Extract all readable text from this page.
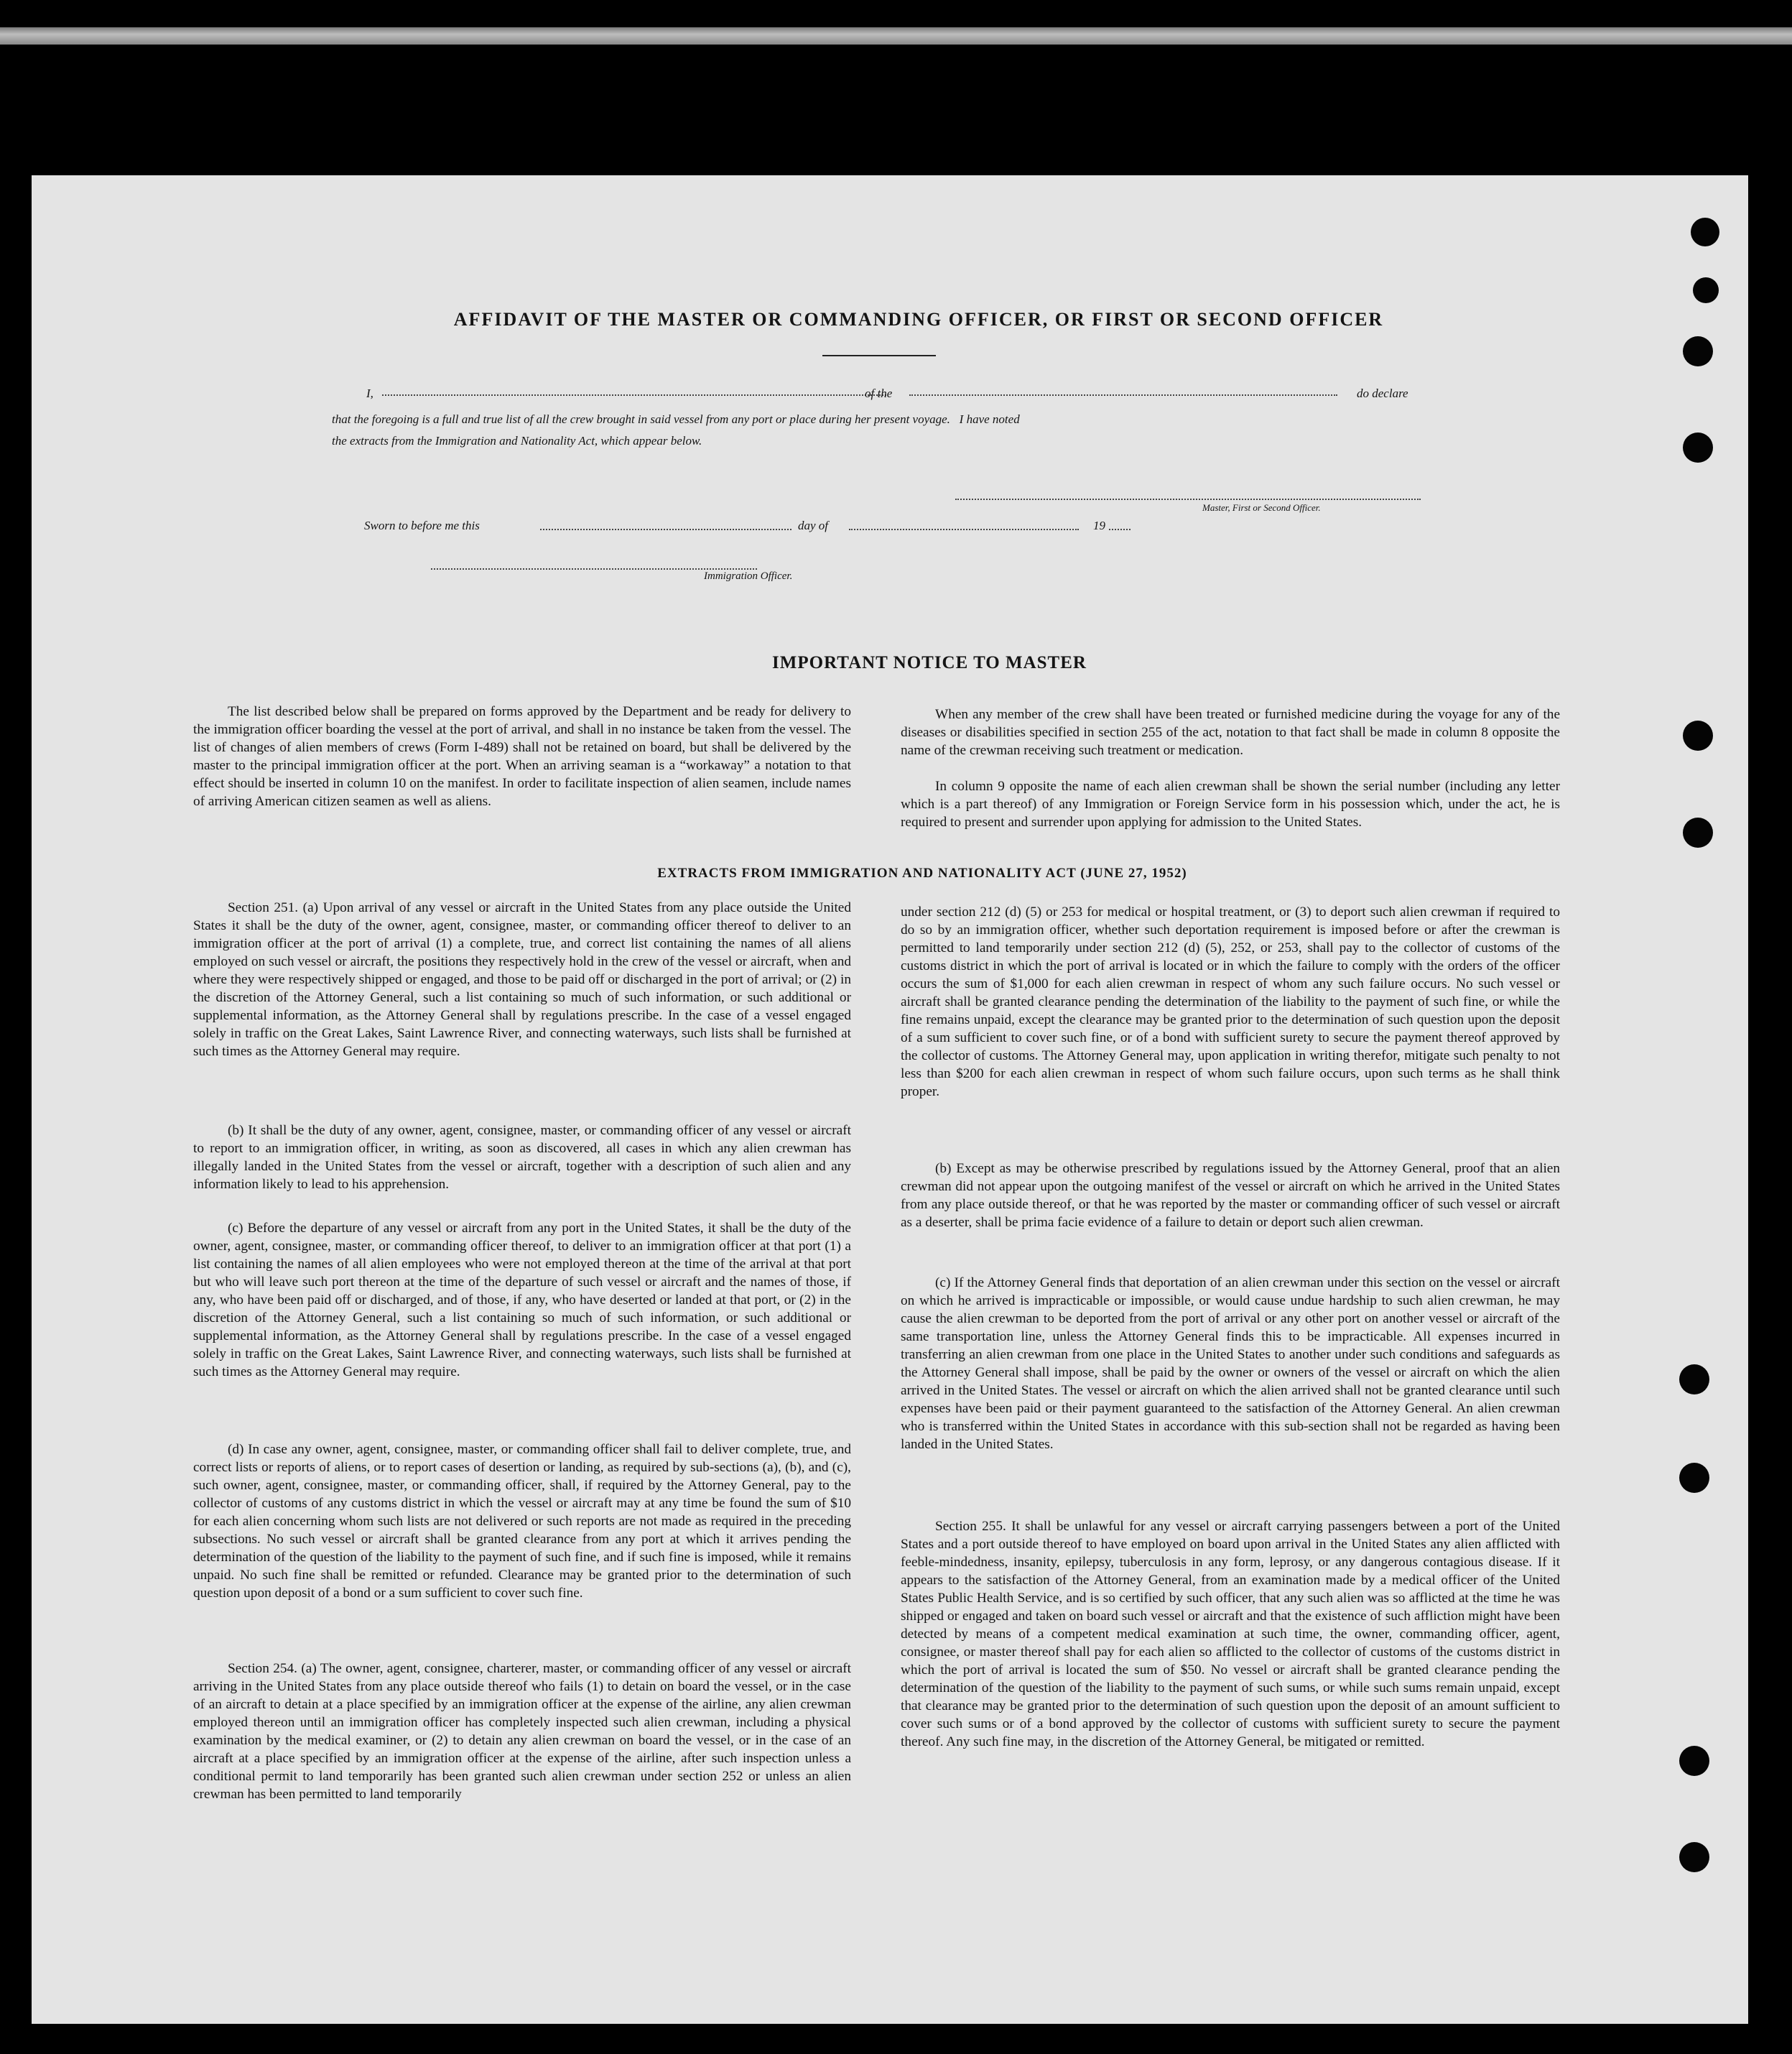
AFFIDAVIT OF THE MASTER OR COMMANDING OFFICER, OR FIRST OR SECOND OFFICER
I,	of the	do declare
that the foregoing is a full and true list of all the crew brought in said vessel from any port or place during her present voyage.   I have noted
the extracts from the Immigration and Nationality Act, which appear below.
Master, First or Second Officer.
Sworn to before me this	day of	19
Immigration Officer.
IMPORTANT NOTICE TO MASTER

The list described below shall be prepared on forms approved by the Department and be ready for delivery to the immigration officer boarding the vessel at the port of arrival, and shall in no instance be taken from the vessel. The list of changes of alien members of crews (Form I-489) shall not be retained on board, but shall be delivered by the master to the principal immigration officer at the port. When an arriving seaman is a “workaway” a notation to that effect should be inserted in column 10 on the manifest. In order to facilitate inspection of alien seamen, include names of arriving American citizen seamen as well as aliens.

When any member of the crew shall have been treated or furnished medicine during the voyage for any of the diseases or disabilities specified in section 255 of the act, notation to that fact shall be made in column 8 opposite the name of the crewman receiving such treatment or medication.

In column 9 opposite the name of each alien crewman shall be shown the serial number (including any letter which is a part thereof) of any Immigration or Foreign Service form in his possession which, under the act, he is required to present and surrender upon applying for admission to the United States.

EXTRACTS FROM IMMIGRATION AND NATIONALITY ACT (JUNE 27, 1952)

Section 251. (a) Upon arrival of any vessel or aircraft in the United States from any place outside the United States it shall be the duty of the owner, agent, consignee, master, or commanding officer thereof to deliver to an immigration officer at the port of arrival (1) a complete, true, and correct list containing the names of all aliens employed on such vessel or aircraft, the positions they respectively hold in the crew of the vessel or aircraft, when and where they were respectively shipped or engaged, and those to be paid off or discharged in the port of arrival; or (2) in the discretion of the Attorney General, such a list containing so much of such information, or such additional or supplemental information, as the Attorney General shall by regulations prescribe. In the case of a vessel engaged solely in traffic on the Great Lakes, Saint Lawrence River, and connecting waterways, such lists shall be furnished at such times as the Attorney General may require.

(b) It shall be the duty of any owner, agent, consignee, master, or commanding officer of any vessel or aircraft to report to an immigration officer, in writing, as soon as discovered, all cases in which any alien crewman has illegally landed in the United States from the vessel or aircraft, together with a description of such alien and any information likely to lead to his apprehension.

(c) Before the departure of any vessel or aircraft from any port in the United States, it shall be the duty of the owner, agent, consignee, master, or commanding officer thereof, to deliver to an immigration officer at that port (1) a list containing the names of all alien employees who were not employed thereon at the time of the arrival at that port but who will leave such port thereon at the time of the departure of such vessel or aircraft and the names of those, if any, who have been paid off or discharged, and of those, if any, who have deserted or landed at that port, or (2) in the discretion of the Attorney General, such a list containing so much of such information, or such additional or supplemental information, as the Attorney General shall by regulations prescribe. In the case of a vessel engaged solely in traffic on the Great Lakes, Saint Lawrence River, and connecting waterways, such lists shall be furnished at such times as the Attorney General may require.

(d) In case any owner, agent, consignee, master, or commanding officer shall fail to deliver complete, true, and correct lists or reports of aliens, or to report cases of desertion or landing, as required by sub-sections (a), (b), and (c), such owner, agent, consignee, master, or commanding officer, shall, if required by the Attorney General, pay to the collector of customs of any customs district in which the vessel or aircraft may at any time be found the sum of $10 for each alien concerning whom such lists are not delivered or such reports are not made as required in the preceding subsections. No such vessel or aircraft shall be granted clearance from any port at which it arrives pending the determination of the question of the liability to the payment of such fine, and if such fine is imposed, while it remains unpaid. No such fine shall be remitted or refunded. Clearance may be granted prior to the determination of such question upon deposit of a bond or a sum sufficient to cover such fine.

Section 254. (a) The owner, agent, consignee, charterer, master, or commanding officer of any vessel or aircraft arriving in the United States from any place outside thereof who fails (1) to detain on board the vessel, or in the case of an aircraft to detain at a place specified by an immigration officer at the expense of the airline, any alien crewman employed thereon until an immigration officer has completely inspected such alien crewman, including a physical examination by the medical examiner, or (2) to detain any alien crewman on board the vessel, or in the case of an aircraft at a place specified by an immigration officer at the expense of the airline, after such inspection unless a conditional permit to land temporarily has been granted such alien crewman under section 252 or unless an alien crewman has been permitted to land temporarily

under section 212 (d) (5) or 253 for medical or hospital treatment, or (3) to deport such alien crewman if required to do so by an immigration officer, whether such deportation requirement is imposed before or after the crewman is permitted to land temporarily under section 212 (d) (5), 252, or 253, shall pay to the collector of customs of the customs district in which the port of arrival is located or in which the failure to comply with the orders of the officer occurs the sum of $1,000 for each alien crewman in respect of whom any such failure occurs. No such vessel or aircraft shall be granted clearance pending the determination of the liability to the payment of such fine, or while the fine remains unpaid, except the clearance may be granted prior to the determination of such question upon the deposit of a sum sufficient to cover such fine, or of a bond with sufficient surety to secure the payment thereof approved by the collector of customs. The Attorney General may, upon application in writing therefor, mitigate such penalty to not less than $200 for each alien crewman in respect of whom such failure occurs, upon such terms as he shall think proper.

(b) Except as may be otherwise prescribed by regulations issued by the Attorney General, proof that an alien crewman did not appear upon the outgoing manifest of the vessel or aircraft on which he arrived in the United States from any place outside thereof, or that he was reported by the master or commanding officer of such vessel or aircraft as a deserter, shall be prima facie evidence of a failure to detain or deport such alien crewman.

(c) If the Attorney General finds that deportation of an alien crewman under this section on the vessel or aircraft on which he arrived is impracticable or impossible, or would cause undue hardship to such alien crewman, he may cause the alien crewman to be deported from the port of arrival or any other port on another vessel or aircraft of the same transportation line, unless the Attorney General finds this to be impracticable. All expenses incurred in transferring an alien crewman from one place in the United States to another under such conditions and safeguards as the Attorney General shall impose, shall be paid by the owner or owners of the vessel or aircraft on which the alien arrived in the United States. The vessel or aircraft on which the alien arrived shall not be granted clearance until such expenses have been paid or their payment guaranteed to the satisfaction of the Attorney General. An alien crewman who is transferred within the United States in accordance with this sub-section shall not be regarded as having been landed in the United States.

Section 255. It shall be unlawful for any vessel or aircraft carrying passengers between a port of the United States and a port outside thereof to have employed on board upon arrival in the United States any alien afflicted with feeble-mindedness, insanity, epilepsy, tuberculosis in any form, leprosy, or any dangerous contagious disease. If it appears to the satisfaction of the Attorney General, from an examination made by a medical officer of the United States Public Health Service, and is so certified by such officer, that any such alien was so afflicted at the time he was shipped or engaged and taken on board such vessel or aircraft and that the existence of such affliction might have been detected by means of a competent medical examination at such time, the owner, commanding officer, agent, consignee, or master thereof shall pay for each alien so afflicted to the collector of customs of the customs district in which the port of arrival is located the sum of $50. No vessel or aircraft shall be granted clearance pending the determination of the question of the liability to the payment of such sums, or while such sums remain unpaid, except that clearance may be granted prior to the determination of such question upon the deposit of an amount sufficient to cover such sums or of a bond approved by the collector of customs with sufficient surety to secure the payment thereof. Any such fine may, in the discretion of the Attorney General, be mitigated or remitted.
